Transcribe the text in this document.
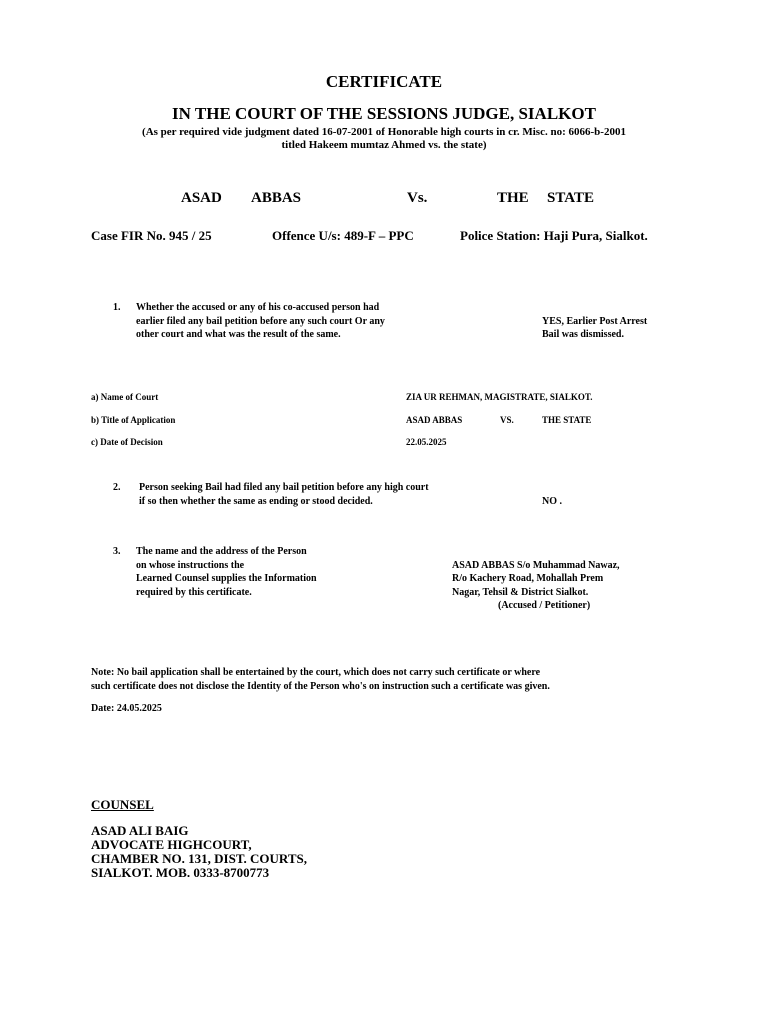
CERTIFICATE
IN THE COURT OF THE SESSIONS JUDGE, SIALKOT
(As per required vide judgment dated 16-07-2001 of Honorable high courts in cr. Misc. no: 6066-b-2001
titled Hakeem mumtaz Ahmed vs. the state)
ASAD ABBAS	Vs.	THE STATE
Case FIR No. 945 / 25	Offence U/s: 489-F – PPC	Police Station: Haji Pura, Sialkot.
1. Whether the accused or any of his co-accused person had
earlier filed any bail petition before any such court Or any
other court and what was the result of the same.
YES, Earlier Post Arrest
Bail was dismissed.
a) Name of Court	ZIA UR REHMAN, MAGISTRATE, SIALKOT.
b) Title of Application	ASAD ABBAS	VS.	THE STATE
c) Date of Decision	22.05.2025
2. Person seeking Bail had filed any bail petition before any high court
if so then whether the same as ending or stood decided.	NO .
3. The name and the address of the Person
on whose instructions the
Learned Counsel supplies the Information
required by this certificate.
ASAD ABBAS S/o Muhammad Nawaz,
R/o Kachery Road, Mohallah Prem
Nagar, Tehsil & District Sialkot.
(Accused / Petitioner)
Note: No bail application shall be entertained by the court, which does not carry such certificate or where
such certificate does not disclose the Identity of the Person who's on instruction such a certificate was given.
Date: 24.05.2025
COUNSEL
ASAD ALI BAIG
ADVOCATE HIGHCOURT,
CHAMBER NO. 131, DIST. COURTS,
SIALKOT. MOB. 0333-8700773
